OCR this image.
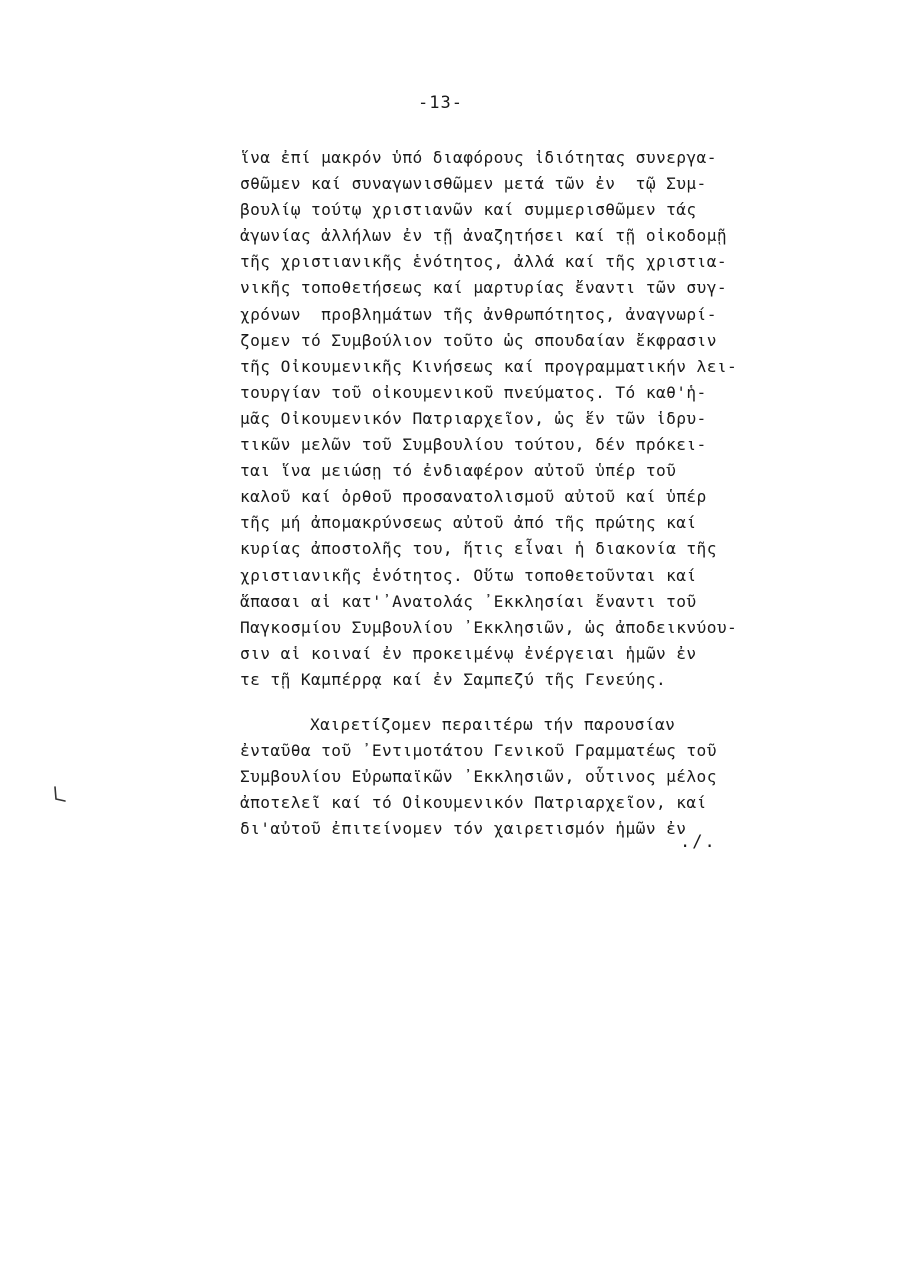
-13-
ἵνα ἐπί μακρόν ὑπό διαφόρους ἰδιότητας συνεργα-
σθῶμεν καί συναγωνισθῶμεν μετά τῶν ἐν  τῷ Συμ-
βουλίῳ τούτῳ χριστιανῶν καί συμμερισθῶμεν τάς
ἀγωνίας ἀλλήλων ἐν τῇ ἀναζητήσει καί τῇ οἰκοδομῇ
τῆς χριστιανικῆς ἑνότητος, ἀλλά καί τῆς χριστια-
νικῆς τοποθετήσεως καί μαρτυρίας ἔναντι τῶν συγ-
χρόνων  προβλημάτων τῆς ἀνθρωπότητος, ἀναγνωρί-
ζομεν τό Συμβούλιον τοῦτο ὡς σπουδαίαν ἔκφρασιν
τῆς Οἰκουμενικῆς Κινήσεως καί προγραμματικήν λει-
τουργίαν τοῦ οἰκουμενικοῦ πνεύματος. Τό καθ'ἡ-
μᾶς Οἰκουμενικόν Πατριαρχεῖον, ὡς ἕν τῶν ἱδρυ-
τικῶν μελῶν τοῦ Συμβουλίου τούτου, δέν πρόκει-
ται ἵνα μειώσῃ τό ἐνδιαφέρον αὐτοῦ ὑπέρ τοῦ
καλοῦ καί ὀρθοῦ προσανατολισμοῦ αὐτοῦ καί ὑπέρ
τῆς μή ἀπομακρύνσεως αὐτοῦ ἀπό τῆς πρώτης καί
κυρίας ἀποστολῆς του, ἥτις εἶναι ἡ διακονία τῆς
χριστιανικῆς ἑνότητος. Οὕτω τοποθετοῦνται καί
ἅπασαι αἱ κατ'᾿Ανατολάς ᾿Εκκλησίαι ἔναντι τοῦ
Παγκοσμίου Συμβουλίου ᾿Εκκλησιῶν, ὡς ἀποδεικνύου-
σιν αἱ κοιναί ἐν προκειμένῳ ἐνέργειαι ἡμῶν ἐν
τε τῇ Καμπέρρᾳ καί ἐν Σαμπεζύ τῆς Γενεύης.
Χαιρετίζομεν περαιτέρω τήν παρουσίαν
ἐνταῦθα τοῦ ᾿Εντιμοτάτου Γενικοῦ Γραμματέως τοῦ
Συμβουλίου Εὐρωπαϊκῶν ᾿Εκκλησιῶν, οὗτινος μέλος
ἀποτελεῖ καί τό Οἰκουμενικόν Πατριαρχεῖον, καί
δι'αὐτοῦ ἐπιτείνομεν τόν χαιρετισμόν ἡμῶν ἐν
./.
